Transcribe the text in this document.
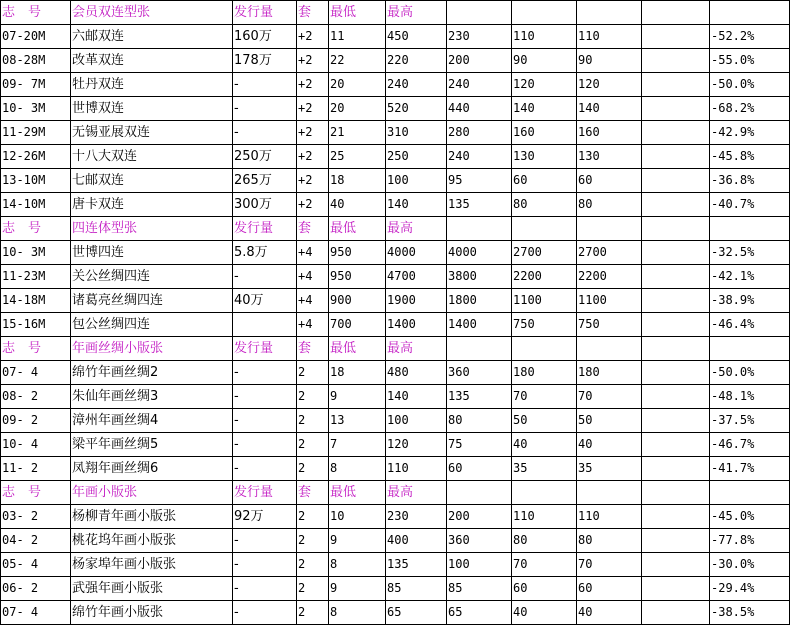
志　号	会员双连型张	发行量	套	最低	最高					
07-20M	六邮双连	160万	+2	11	450	230	110	110		-52.2%
08-28M	改革双连	178万	+2	22	220	200	90	90		-55.0%
09- 7M	牡丹双连	-	+2	20	240	240	120	120		-50.0%
10- 3M	世博双连	-	+2	20	520	440	140	140		-68.2%
11-29M	无锡亚展双连	-	+2	21	310	280	160	160		-42.9%
12-26M	十八大双连	250万	+2	25	250	240	130	130		-45.8%
13-10M	七邮双连	265万	+2	18	100	95	60	60		-36.8%
14-10M	唐卡双连	300万	+2	40	140	135	80	80		-40.7%
志　号	四连体型张	发行量	套	最低	最高					
10- 3M	世博四连	5.8万	+4	950	4000	4000	2700	2700		-32.5%
11-23M	关公丝绸四连	-	+4	950	4700	3800	2200	2200		-42.1%
14-18M	诸葛亮丝绸四连	40万	+4	900	1900	1800	1100	1100		-38.9%
15-16M	包公丝绸四连		+4	700	1400	1400	750	750		-46.4%
志　号	年画丝绸小版张	发行量	套	最低	最高					
07- 4	绵竹年画丝绸2	-	2	18	480	360	180	180		-50.0%
08- 2	朱仙年画丝绸3	-	2	9	140	135	70	70		-48.1%
09- 2	漳州年画丝绸4	-	2	13	100	80	50	50		-37.5%
10- 4	梁平年画丝绸5	-	2	7	120	75	40	40		-46.7%
11- 2	凤翔年画丝绸6	-	2	8	110	60	35	35		-41.7%
志　号	年画小版张	发行量	套	最低	最高					
03- 2	杨柳青年画小版张	92万	2	10	230	200	110	110		-45.0%
04- 2	桃花坞年画小版张	-	2	9	400	360	80	80		-77.8%
05- 4	杨家埠年画小版张	-	2	8	135	100	70	70		-30.0%
06- 2	武强年画小版张	-	2	9	85	85	60	60		-29.4%
07- 4	绵竹年画小版张	-	2	8	65	65	40	40		-38.5%
